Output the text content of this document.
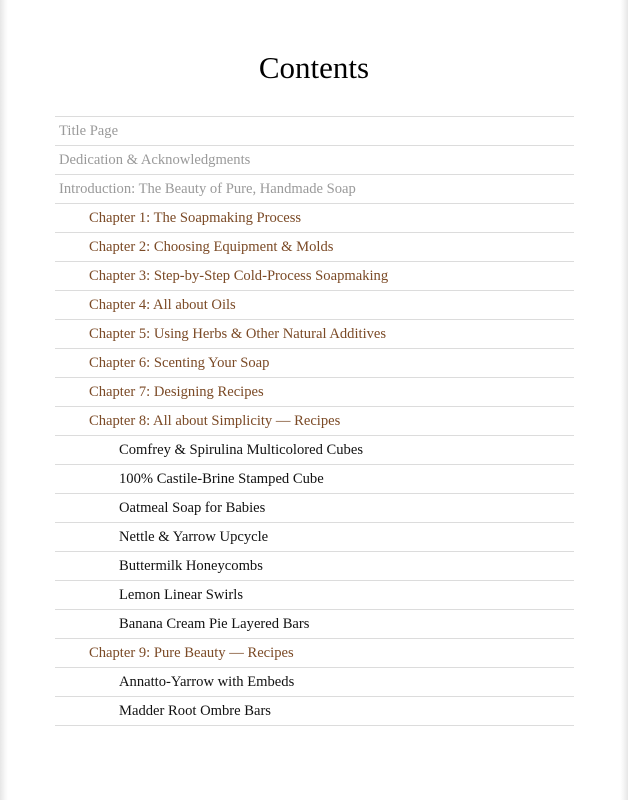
Contents
Title Page
Dedication & Acknowledgments
Introduction: The Beauty of Pure, Handmade Soap
Chapter 1: The Soapmaking Process
Chapter 2: Choosing Equipment & Molds
Chapter 3: Step-by-Step Cold-Process Soapmaking
Chapter 4: All about Oils
Chapter 5: Using Herbs & Other Natural Additives
Chapter 6: Scenting Your Soap
Chapter 7: Designing Recipes
Chapter 8: All about Simplicity — Recipes
Comfrey & Spirulina Multicolored Cubes
100% Castile-Brine Stamped Cube
Oatmeal Soap for Babies
Nettle & Yarrow Upcycle
Buttermilk Honeycombs
Lemon Linear Swirls
Banana Cream Pie Layered Bars
Chapter 9: Pure Beauty — Recipes
Annatto-Yarrow with Embeds
Madder Root Ombre Bars
